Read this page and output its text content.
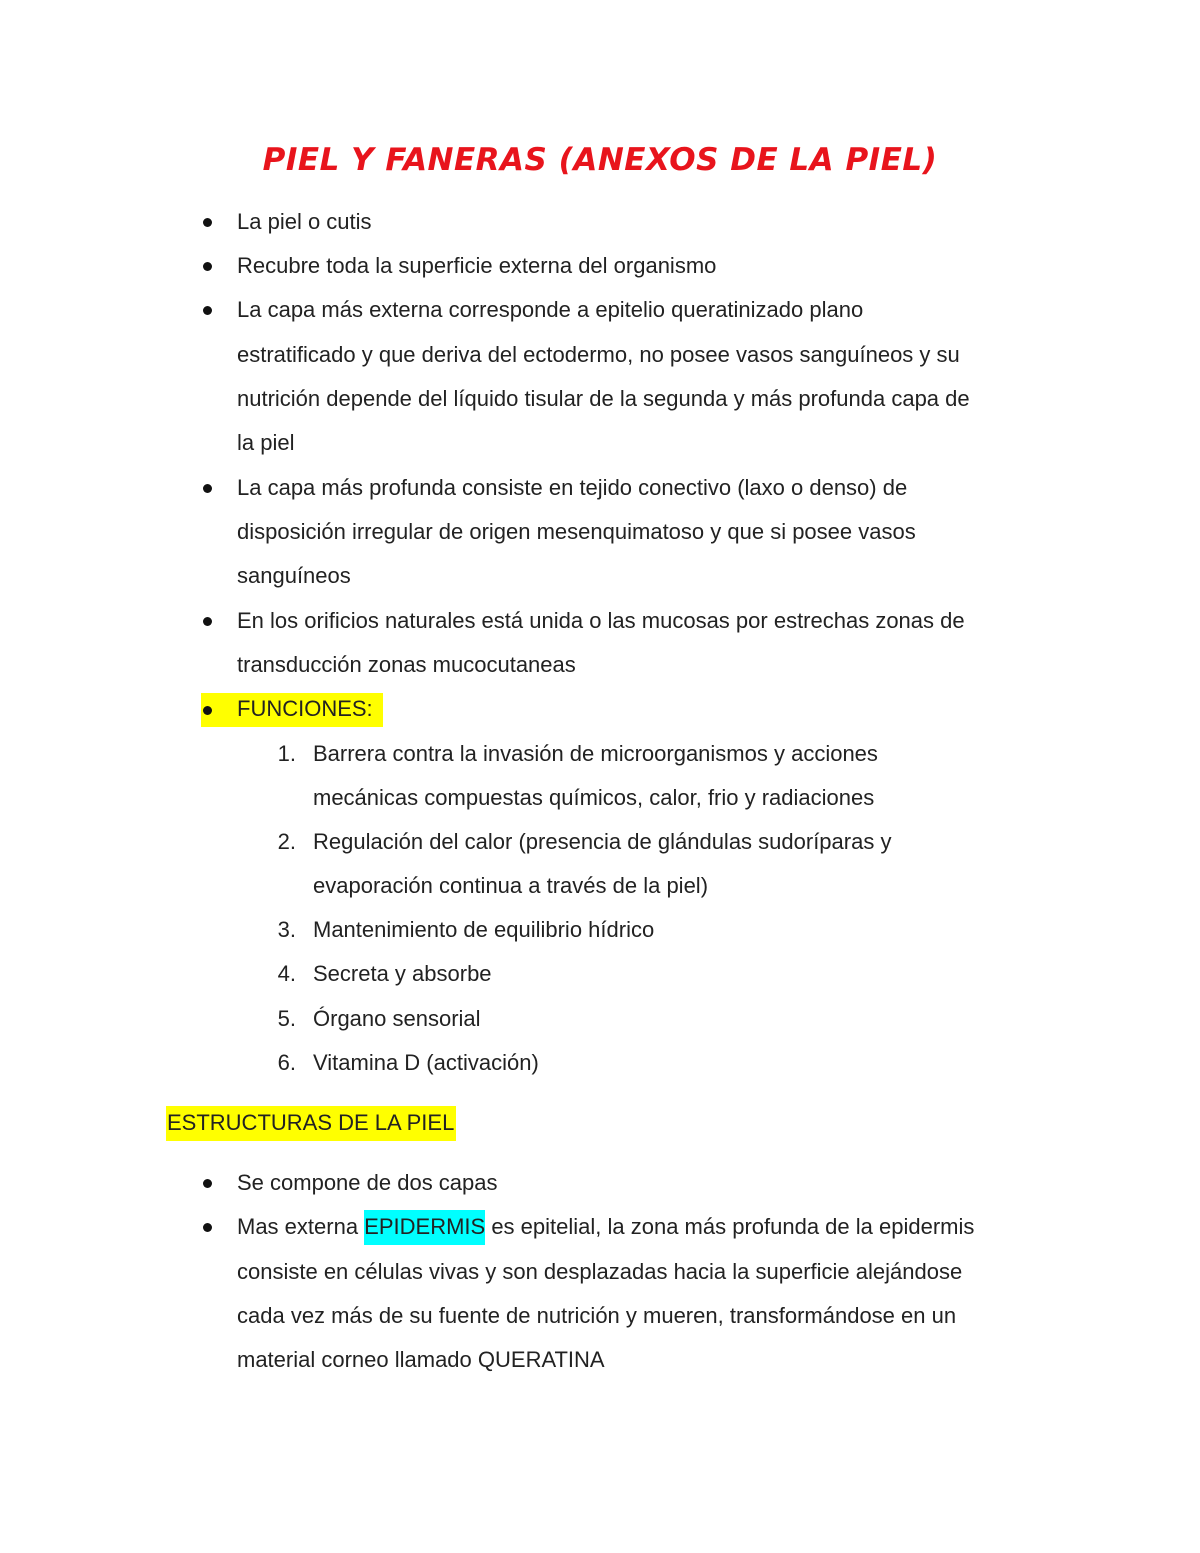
PIEL Y FANERAS (ANEXOS DE LA PIEL)
La piel o cutis
Recubre toda la superficie externa del organismo
La capa más externa corresponde a epitelio queratinizado plano
estratificado y que deriva del ectodermo, no posee vasos sanguíneos y su
nutrición depende del líquido tisular de la segunda y más profunda capa de
la piel
La capa más profunda consiste en tejido conectivo (laxo o denso) de
disposición irregular de origen mesenquimatoso y que si posee vasos
sanguíneos
En los orificios naturales está unida o las mucosas por estrechas zonas de
transducción zonas mucocutaneas
FUNCIONES:
1. Barrera contra la invasión de microorganismos y acciones
mecánicas compuestas químicos, calor, frio y radiaciones
2. Regulación del calor (presencia de glándulas sudoríparas y
evaporación continua a través de la piel)
3. Mantenimiento de equilibrio hídrico
4. Secreta y absorbe
5. Órgano sensorial
6. Vitamina D (activación)
ESTRUCTURAS DE LA PIEL
Se compone de dos capas
Mas externa EPIDERMIS es epitelial, la zona más profunda de la epidermis
consiste en células vivas y son desplazadas hacia la superficie alejándose
cada vez más de su fuente de nutrición y mueren, transformándose en un
material corneo llamado QUERATINA
